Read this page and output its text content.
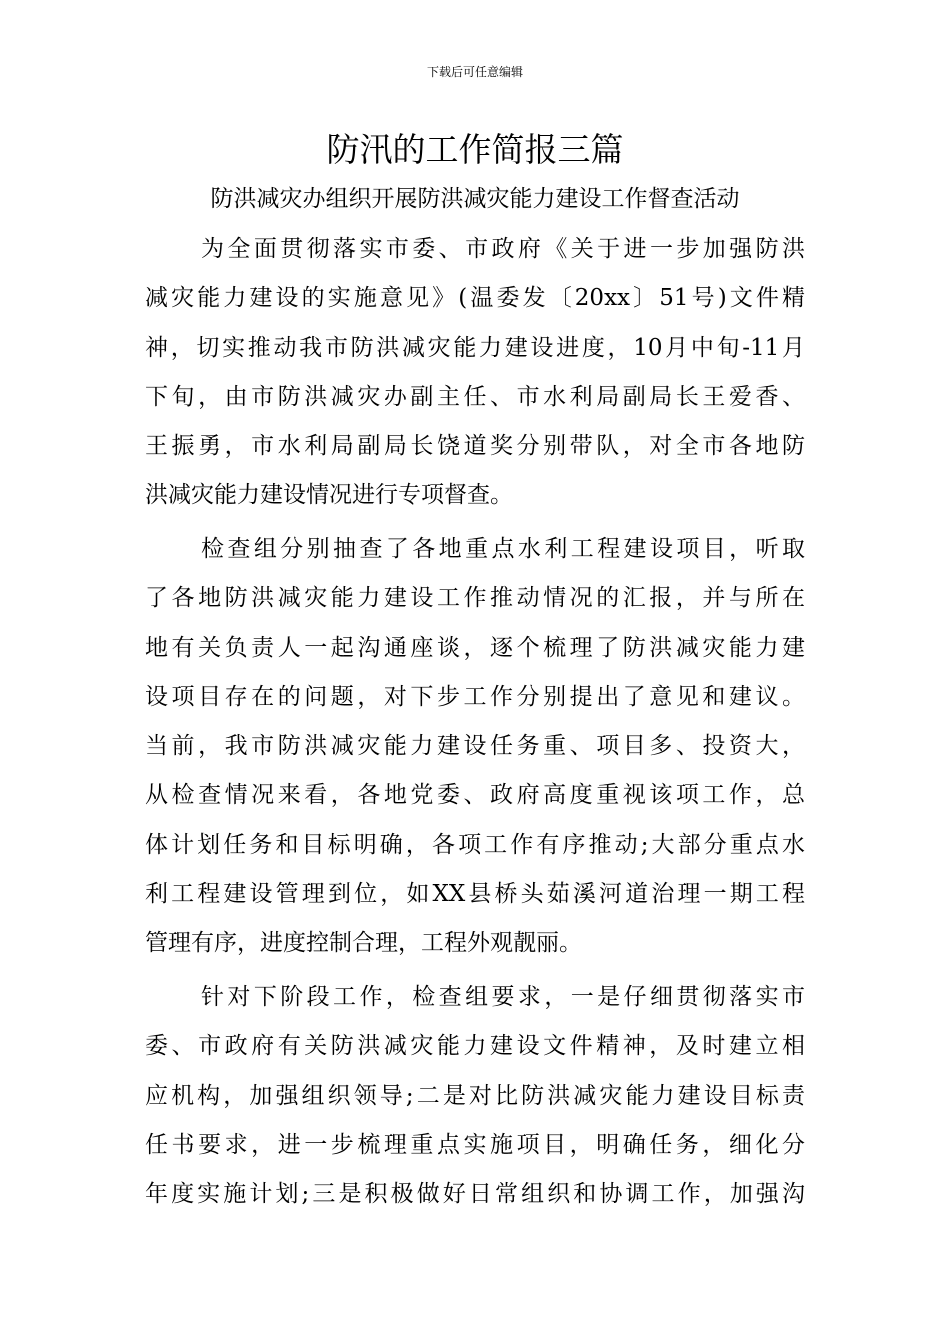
下载后可任意编辑
防汛的工作简报三篇

防洪减灾办组织开展防洪减灾能力建设工作督查活动

为全面贯彻落实市委、市政府《关于进一步加强防洪
减灾能力建设的实施意见》(温委发〔20xx〕51号)文件精
神，切实推动我市防洪减灾能力建设进度，10月中旬-11月
下旬，由市防洪减灾办副主任、市水利局副局长王爱香、
王振勇，市水利局副局长饶道奖分别带队，对全市各地防
洪减灾能力建设情况进行专项督查。
检查组分别抽查了各地重点水利工程建设项目，听取
了各地防洪减灾能力建设工作推动情况的汇报，并与所在
地有关负责人一起沟通座谈，逐个梳理了防洪减灾能力建
设项目存在的问题，对下步工作分别提出了意见和建议。
当前，我市防洪减灾能力建设任务重、项目多、投资大，
从检查情况来看，各地党委、政府高度重视该项工作，总
体计划任务和目标明确，各项工作有序推动;大部分重点水
利工程建设管理到位，如XX县桥头茹溪河道治理一期工程
管理有序，进度控制合理，工程外观靓丽。
针对下阶段工作，检查组要求，一是仔细贯彻落实市
委、市政府有关防洪减灾能力建设文件精神，及时建立相
应机构，加强组织领导;二是对比防洪减灾能力建设目标责
任书要求，进一步梳理重点实施项目，明确任务，细化分
年度实施计划;三是积极做好日常组织和协调工作，加强沟
